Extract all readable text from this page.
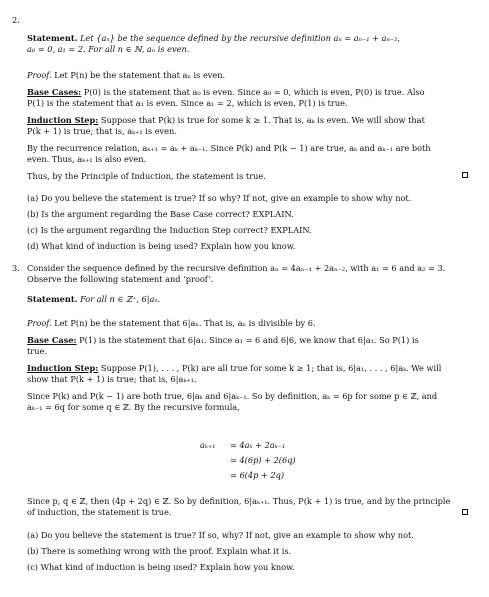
2.
Statement. Let {aₙ} be the sequence defined by the recursive definition aₙ = aₙ₋₁ + aₙ₋₂,
a₀ = 0, a₁ = 2. For all n ∈ ℕ, aₙ is even.
Proof. Let P(n) be the statement that aₙ is even.
Base Cases: P(0) is the statement that a₀ is even. Since a₀ = 0, which is even, P(0) is true. Also
P(1) is the statement that a₁ is even. Since a₁ = 2, which is even, P(1) is true.
Induction Step: Suppose that P(k) is true for some k ≥ 1. That is, aₖ is even. We will show that
P(k + 1) is true; that is, aₖ₊₁ is even.
By the recurrence relation, aₖ₊₁ = aₖ + aₖ₋₁. Since P(k) and P(k − 1) are true, aₖ and aₖ₋₁ are both
even. Thus, aₖ₊₁ is also even.
Thus, by the Principle of Induction, the statement is true.
(a) Do you believe the statement is true? If so why? If not, give an example to show why not.
(b) Is the argument regarding the Base Case correct? EXPLAIN.
(c) Is the argument regarding the Induction Step correct? EXPLAIN.
(d) What kind of induction is being used? Explain how you know.
3. Consider the sequence defined by the recursive definition aₙ = 4aₙ₋₁ + 2aₙ₋₂, with a₁ = 6 and a₂ = 3.
Observe the following statement and ‘proof’.
Statement. For all n ∈ ℤ⁺, 6|aₙ.
Proof. Let P(n) be the statement that 6|aₙ. That is, aₙ is divisible by 6.
Base Case: P(1) is the statement that 6|a₁. Since a₁ = 6 and 6|6, we know that 6|a₁. So P(1) is
true.
Induction Step: Suppose P(1), . . . , P(k) are all true for some k ≥ 1; that is, 6|a₁, . . . , 6|aₖ. We will
show that P(k + 1) is true; that is, 6|aₖ₊₁.
Since P(k) and P(k − 1) are both true, 6|aₖ and 6|aₖ₋₁. So by definition, aₖ = 6p for some p ∈ ℤ, and
aₖ₋₁ = 6q for some q ∈ ℤ. By the recursive formula,
aₖ₊₁ = 4aₖ + 2aₖ₋₁
= 4(6p) + 2(6q)
= 6(4p + 2q)
Since p, q ∈ ℤ, then (4p + 2q) ∈ ℤ. So by definition, 6|aₖ₊₁. Thus, P(k + 1) is true, and by the principle
of induction, the statement is true.
(a) Do you believe the statement is true? If so, why? If not, give an example to show why not.
(b) There is something wrong with the proof. Explain what it is.
(c) What kind of induction is being used? Explain how you know.
